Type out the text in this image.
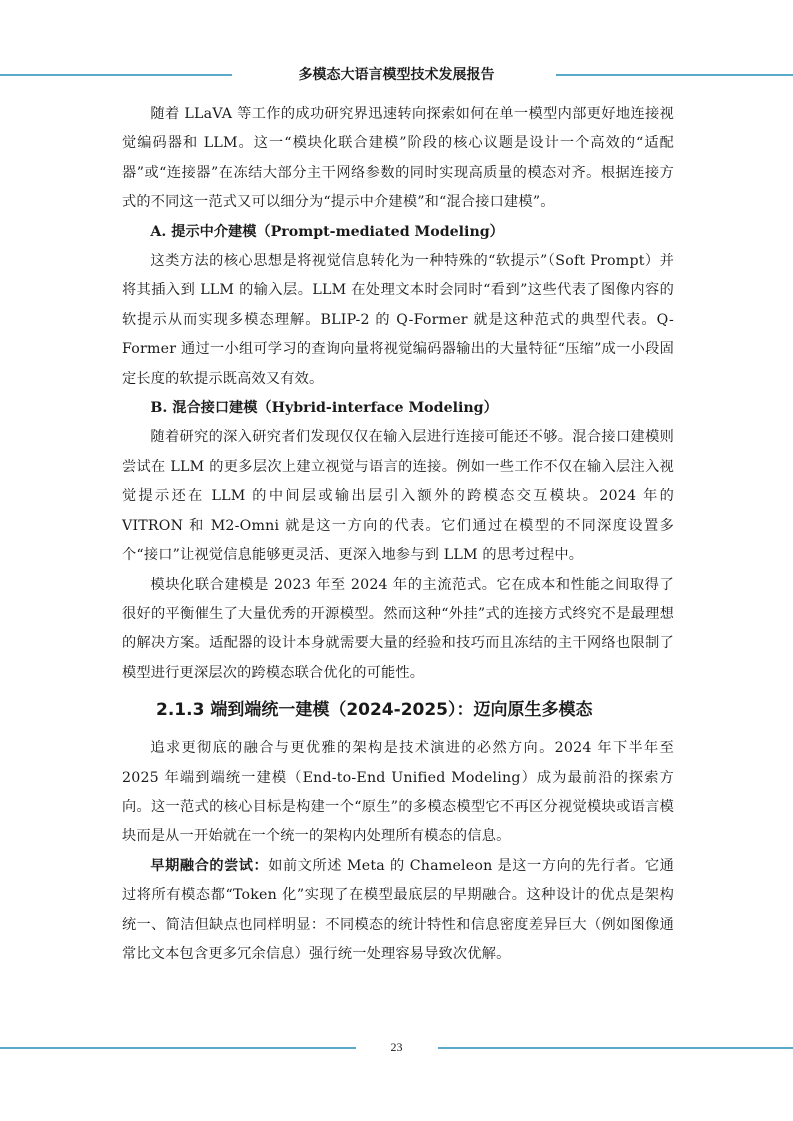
多模态大语言模型技术发展报告

随着 LLaVA 等工作的成功研究界迅速转向探索如何在单一模型内部更好地连接视觉编码器和 LLM。这一“模块化联合建模”阶段的核心议题是设计一个高效的“适配器”或“连接器”在冻结大部分主干网络参数的同时实现高质量的模态对齐。根据连接方式的不同这一范式又可以细分为“提示中介建模”和“混合接口建模”。

A. 提示中介建模（Prompt-mediated Modeling）

这类方法的核心思想是将视觉信息转化为一种特殊的“软提示”（Soft Prompt）并将其插入到 LLM 的输入层。LLM 在处理文本时会同时“看到”这些代表了图像内容的软提示从而实现多模态理解。BLIP-2 的 Q-Former 就是这种范式的典型代表。Q-Former 通过一小组可学习的查询向量将视觉编码器输出的大量特征“压缩”成一小段固定长度的软提示既高效又有效。

B. 混合接口建模（Hybrid-interface Modeling）

随着研究的深入研究者们发现仅仅在输入层进行连接可能还不够。混合接口建模则尝试在 LLM 的更多层次上建立视觉与语言的连接。例如一些工作不仅在输入层注入视觉提示还在 LLM 的中间层或输出层引入额外的跨模态交互模块。2024 年的 VITRON 和 M2-Omni 就是这一方向的代表。它们通过在模型的不同深度设置多个“接口”让视觉信息能够更灵活、更深入地参与到 LLM 的思考过程中。

模块化联合建模是 2023 年至 2024 年的主流范式。它在成本和性能之间取得了很好的平衡催生了大量优秀的开源模型。然而这种“外挂”式的连接方式终究不是最理想的解决方案。适配器的设计本身就需要大量的经验和技巧而且冻结的主干网络也限制了模型进行更深层次的跨模态联合优化的可能性。

2.1.3 端到端统一建模（2024-2025）：迈向原生多模态

追求更彻底的融合与更优雅的架构是技术演进的必然方向。2024 年下半年至 2025 年端到端统一建模（End-to-End Unified Modeling）成为最前沿的探索方向。这一范式的核心目标是构建一个“原生”的多模态模型它不再区分视觉模块或语言模块而是从一开始就在一个统一的架构内处理所有模态的信息。

早期融合的尝试：如前文所述 Meta 的 Chameleon 是这一方向的先行者。它通过将所有模态都“Token 化”实现了在模型最底层的早期融合。这种设计的优点是架构统一、简洁但缺点也同样明显：不同模态的统计特性和信息密度差异巨大（例如图像通常比文本包含更多冗余信息）强行统一处理容易导致次优解。

23
